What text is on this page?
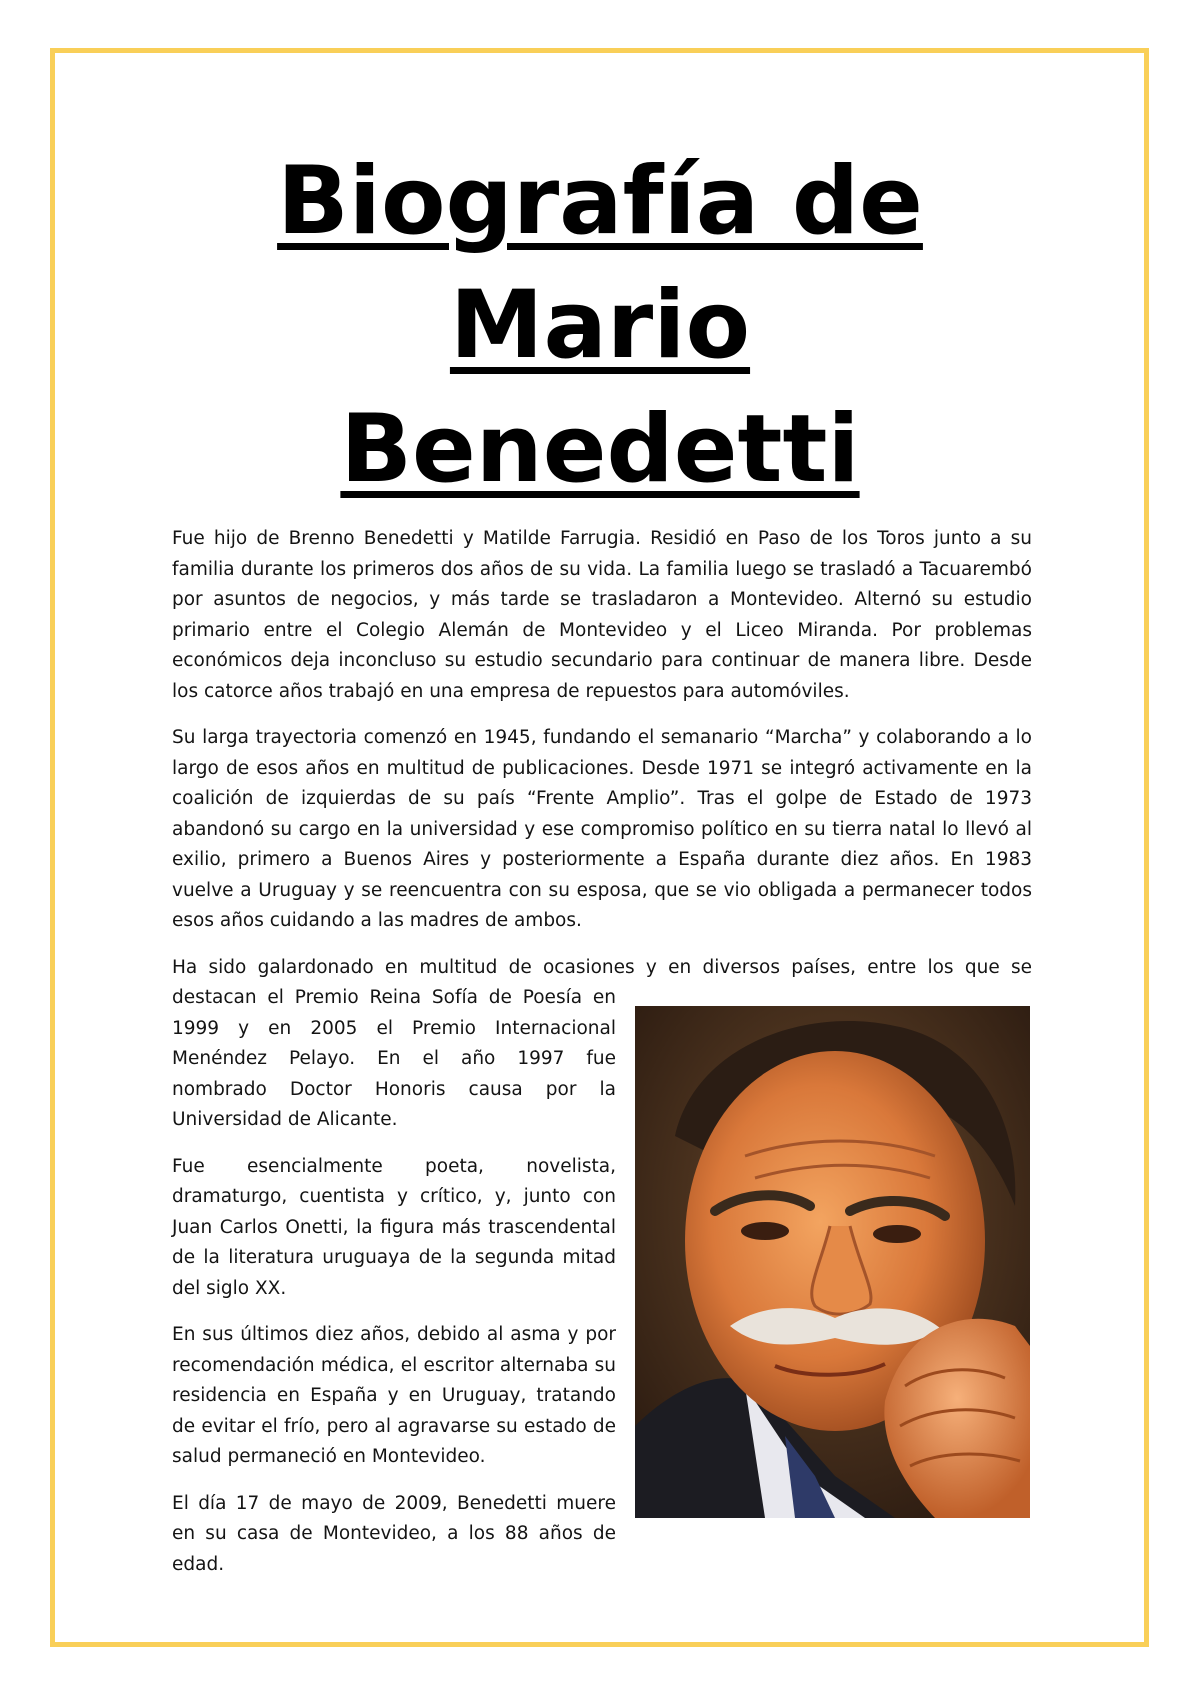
Biografía de
Mario
Benedetti

Fue hijo de Brenno Benedetti y Matilde Farrugia. Residió en Paso de los Toros junto a su familia durante los primeros dos años de su vida. La familia luego se trasladó a Tacuarembó por asuntos de negocios, y más tarde se trasladaron a Montevideo. Alternó su estudio primario entre el Colegio Alemán de Montevideo y el Liceo Miranda. Por problemas económicos deja inconcluso su estudio secundario para continuar de manera libre. Desde los catorce años trabajó en una empresa de repuestos para automóviles.

Su larga trayectoria comenzó en 1945, fundando el semanario “Marcha” y colaborando a lo largo de esos años en multitud de publicaciones. Desde 1971 se integró activamente en la coalición de izquierdas de su país “Frente Amplio”. Tras el golpe de Estado de 1973 abandonó su cargo en la universidad y ese compromiso político en su tierra natal lo llevó al exilio, primero a Buenos Aires y posteriormente a España durante diez años. En 1983 vuelve a Uruguay y se reencuentra con su esposa, que se vio obligada a permanecer todos esos años cuidando a las madres de ambos.

Ha sido galardonado en multitud de ocasiones y en diversos países, entre los que se

destacan el Premio Reina Sofía de Poesía en 1999 y en 2005 el Premio Internacional Menéndez Pelayo. En el año 1997 fue nombrado Doctor Honoris causa por la Universidad de Alicante.

Fue esencialmente poeta, novelista, dramaturgo, cuentista y crítico, y, junto con Juan Carlos Onetti, la figura más trascendental de la literatura uruguaya de la segunda mitad del siglo XX.

En sus últimos diez años, debido al asma y por recomendación médica, el escritor alternaba su residencia en España y en Uruguay, tratando de evitar el frío, pero al agravarse su estado de salud permaneció en Montevideo.

El día 17 de mayo de 2009, Benedetti muere en su casa de Montevideo, a los 88 años de edad.
